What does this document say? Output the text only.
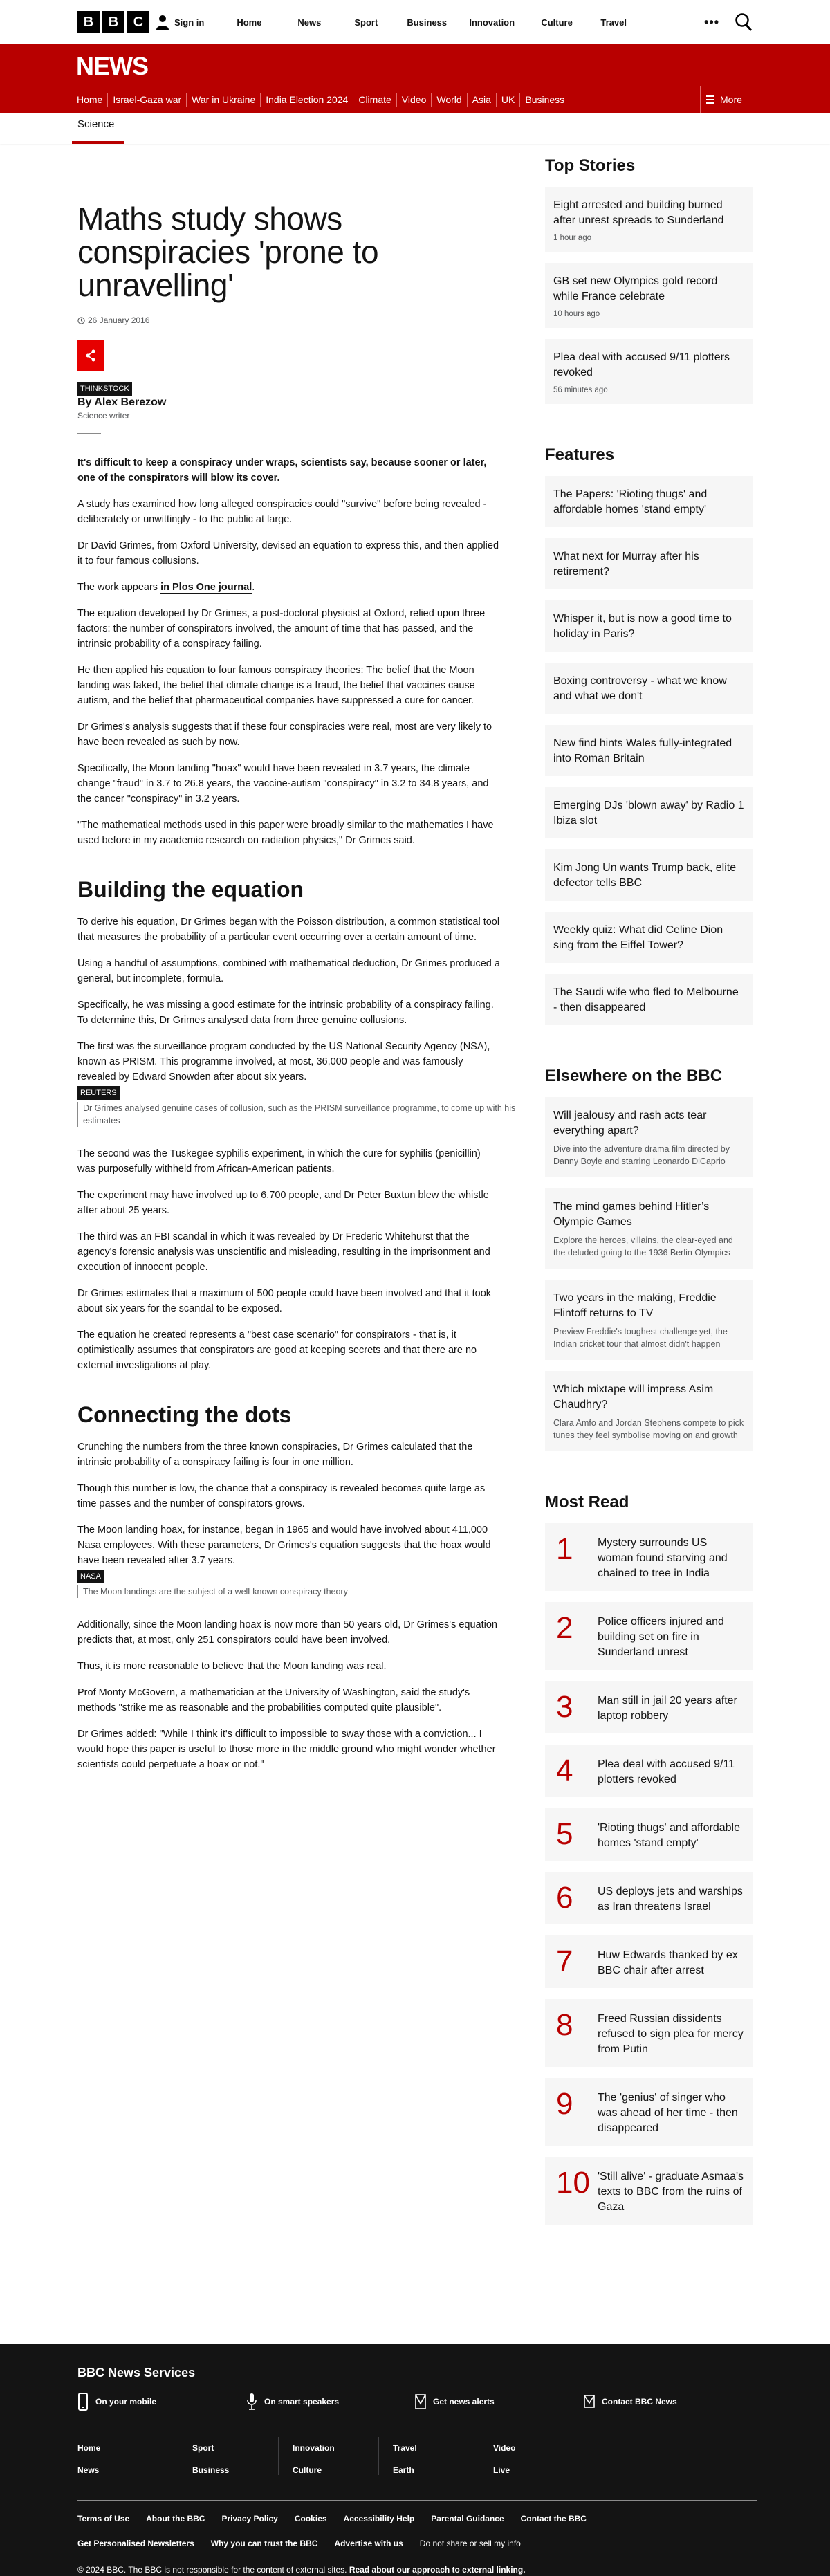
B	B	C	Sign in	Home	News	Sport	Business	Innovation	Culture	Travel	•••
NEWS
Home	Israel-Gaza war	War in Ukraine	India Election 2024	Climate	Video	World	Asia	UK	Business	More
Science
Maths study shows conspiracies 'prone to unravelling'
26 January 2016
THINKSTOCK
By Alex Berezow
Science writer

It's difficult to keep a conspiracy under wraps, scientists say, because sooner or later, one of the conspirators will blow its cover.

A study has examined how long alleged conspiracies could "survive" before being revealed - deliberately or unwittingly - to the public at large.

Dr David Grimes, from Oxford University, devised an equation to express this, and then applied it to four famous collusions.

The work appears in Plos One journal.

The equation developed by Dr Grimes, a post-doctoral physicist at Oxford, relied upon three factors: the number of conspirators involved, the amount of time that has passed, and the intrinsic probability of a conspiracy failing.

He then applied his equation to four famous conspiracy theories: The belief that the Moon landing was faked, the belief that climate change is a fraud, the belief that vaccines cause autism, and the belief that pharmaceutical companies have suppressed a cure for cancer.

Dr Grimes's analysis suggests that if these four conspiracies were real, most are very likely to have been revealed as such by now.

Specifically, the Moon landing "hoax" would have been revealed in 3.7 years, the climate change "fraud" in 3.7 to 26.8 years, the vaccine-autism "conspiracy" in 3.2 to 34.8 years, and the cancer "conspiracy" in 3.2 years.

"The mathematical methods used in this paper were broadly similar to the mathematics I have used before in my academic research on radiation physics," Dr Grimes said.

Building the equation

To derive his equation, Dr Grimes began with the Poisson distribution, a common statistical tool that measures the probability of a particular event occurring over a certain amount of time.

Using a handful of assumptions, combined with mathematical deduction, Dr Grimes produced a general, but incomplete, formula.

Specifically, he was missing a good estimate for the intrinsic probability of a conspiracy failing. To determine this, Dr Grimes analysed data from three genuine collusions.

The first was the surveillance program conducted by the US National Security Agency (NSA), known as PRISM. This programme involved, at most, 36,000 people and was famously revealed by Edward Snowden after about six years.

REUTERS
Dr Grimes analysed genuine cases of collusion, such as the PRISM surveillance programme, to come up with his estimates

The second was the Tuskegee syphilis experiment, in which the cure for syphilis (penicillin) was purposefully withheld from African-American patients.

The experiment may have involved up to 6,700 people, and Dr Peter Buxtun blew the whistle after about 25 years.

The third was an FBI scandal in which it was revealed by Dr Frederic Whitehurst that the agency's forensic analysis was unscientific and misleading, resulting in the imprisonment and execution of innocent people.

Dr Grimes estimates that a maximum of 500 people could have been involved and that it took about six years for the scandal to be exposed.

The equation he created represents a "best case scenario" for conspirators - that is, it optimistically assumes that conspirators are good at keeping secrets and that there are no external investigations at play.

Connecting the dots

Crunching the numbers from the three known conspiracies, Dr Grimes calculated that the intrinsic probability of a conspiracy failing is four in one million.

Though this number is low, the chance that a conspiracy is revealed becomes quite large as time passes and the number of conspirators grows.

The Moon landing hoax, for instance, began in 1965 and would have involved about 411,000 Nasa employees. With these parameters, Dr Grimes's equation suggests that the hoax would have been revealed after 3.7 years.

NASA
The Moon landings are the subject of a well-known conspiracy theory

Additionally, since the Moon landing hoax is now more than 50 years old, Dr Grimes's equation predicts that, at most, only 251 conspirators could have been involved.

Thus, it is more reasonable to believe that the Moon landing was real.

Prof Monty McGovern, a mathematician at the University of Washington, said the study's methods "strike me as reasonable and the probabilities computed quite plausible".

Dr Grimes added: "While I think it's difficult to impossible to sway those with a conviction... I would hope this paper is useful to those more in the middle ground who might wonder whether scientists could perpetuate a hoax or not."

Top Stories
Eight arrested and building burned after unrest spreads to Sunderland
1 hour ago
GB set new Olympics gold record while France celebrate
10 hours ago
Plea deal with accused 9/11 plotters revoked
56 minutes ago
Features
The Papers: 'Rioting thugs' and affordable homes 'stand empty'
What next for Murray after his retirement?
Whisper it, but is now a good time to holiday in Paris?
Boxing controversy - what we know and what we don't
New find hints Wales fully-integrated into Roman Britain
Emerging DJs 'blown away' by Radio 1 Ibiza slot
Kim Jong Un wants Trump back, elite defector tells BBC
Weekly quiz: What did Celine Dion sing from the Eiffel Tower?
The Saudi wife who fled to Melbourne - then disappeared
Elsewhere on the BBC
Will jealousy and rash acts tear everything apart?
Dive into the adventure drama film directed by Danny Boyle and starring Leonardo DiCaprio
The mind games behind Hitler’s Olympic Games
Explore the heroes, villains, the clear-eyed and the deluded going to the 1936 Berlin Olympics
Two years in the making, Freddie Flintoff returns to TV
Preview Freddie's toughest challenge yet, the Indian cricket tour that almost didn't happen
Which mixtape will impress Asim Chaudhry?
Clara Amfo and Jordan Stephens compete to pick tunes they feel symbolise moving on and growth
Most Read
1	Mystery surrounds US woman found starving and chained to tree in India
2	Police officers injured and building set on fire in Sunderland unrest
3	Man still in jail 20 years after laptop robbery
4	Plea deal with accused 9/11 plotters revoked
5	'Rioting thugs' and affordable homes 'stand empty'
6	US deploys jets and warships as Iran threatens Israel
7	Huw Edwards thanked by ex BBC chair after arrest
8	Freed Russian dissidents refused to sign plea for mercy from Putin
9	The 'genius' of singer who was ahead of her time - then disappeared
10 'Still alive' - graduate Asmaa's texts to BBC from the ruins of Gaza
BBC News Services
On your mobile	On smart speakers	Get news alerts	Contact BBC News
Home
News
Sport
Business
Innovation
Culture
Travel
Earth
Video
Live
Terms of Use About the BBC Privacy Policy Cookies Accessibility Help Parental Guidance Contact the BBC
Get Personalised Newsletters Why you can trust the BBC Advertise with us Do not share or sell my info
© 2024 BBC. The BBC is not responsible for the content of external sites. Read about our approach to external linking.
